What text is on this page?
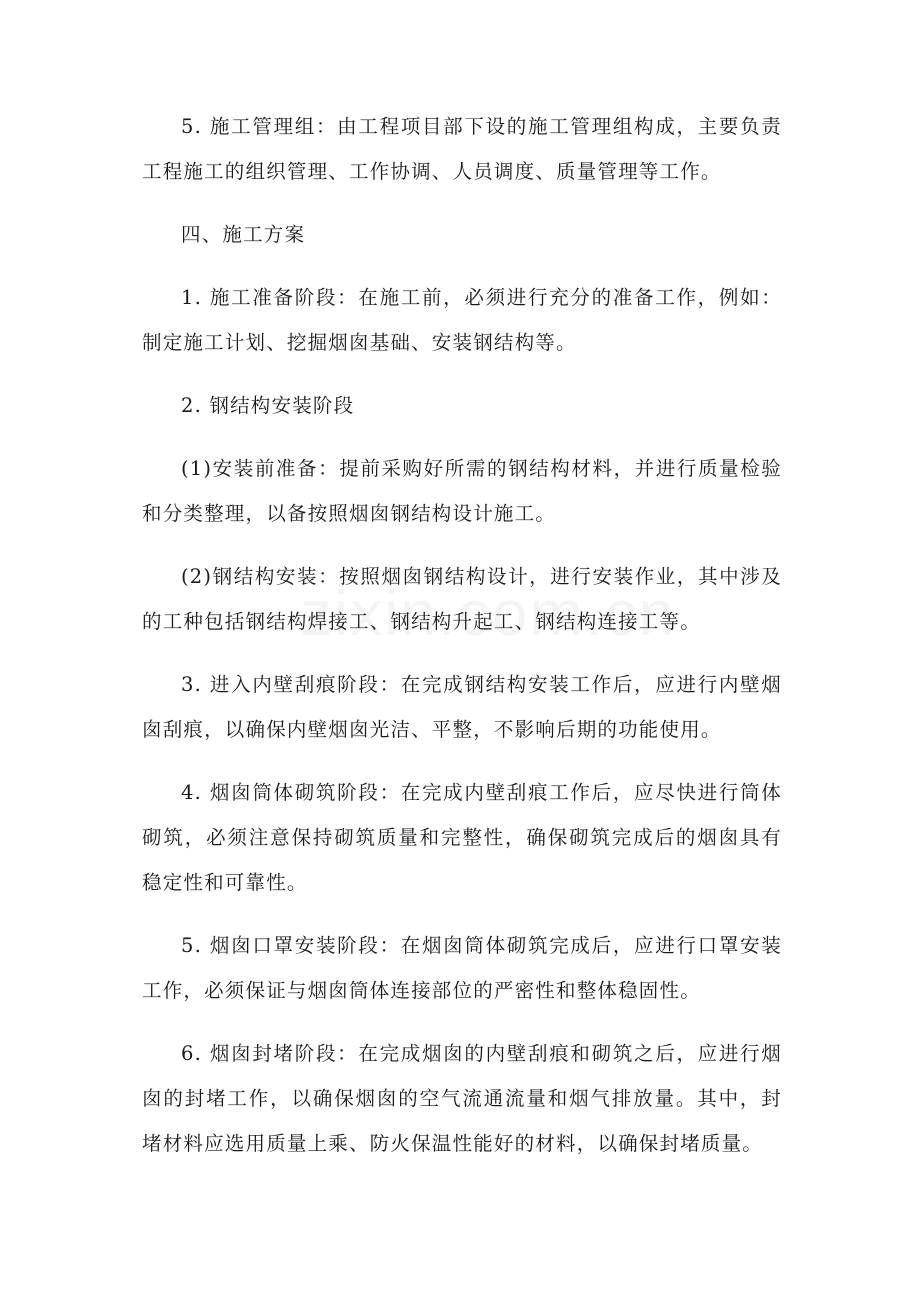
5. 施工管理组：由工程项目部下设的施工管理组构成，主要负责工程施工的组织管理、工作协调、人员调度、质量管理等工作。

四、施工方案

1. 施工准备阶段：在施工前，必须进行充分的准备工作，例如：制定施工计划、挖掘烟囱基础、安装钢结构等。

2. 钢结构安装阶段

(1)安装前准备：提前采购好所需的钢结构材料，并进行质量检验和分类整理，以备按照烟囱钢结构设计施工。

(2)钢结构安装：按照烟囱钢结构设计，进行安装作业，其中涉及的工种包括钢结构焊接工、钢结构升起工、钢结构连接工等。

3. 进入内壁刮痕阶段：在完成钢结构安装工作后，应进行内壁烟囱刮痕，以确保内壁烟囱光洁、平整，不影响后期的功能使用。

4. 烟囱筒体砌筑阶段：在完成内壁刮痕工作后，应尽快进行筒体砌筑，必须注意保持砌筑质量和完整性，确保砌筑完成后的烟囱具有稳定性和可靠性。

5. 烟囱口罩安装阶段：在烟囱筒体砌筑完成后，应进行口罩安装工作，必须保证与烟囱筒体连接部位的严密性和整体稳固性。

6. 烟囱封堵阶段：在完成烟囱的内壁刮痕和砌筑之后，应进行烟囱的封堵工作，以确保烟囱的空气流通流量和烟气排放量。其中，封堵材料应选用质量上乘、防火保温性能好的材料，以确保封堵质量。
